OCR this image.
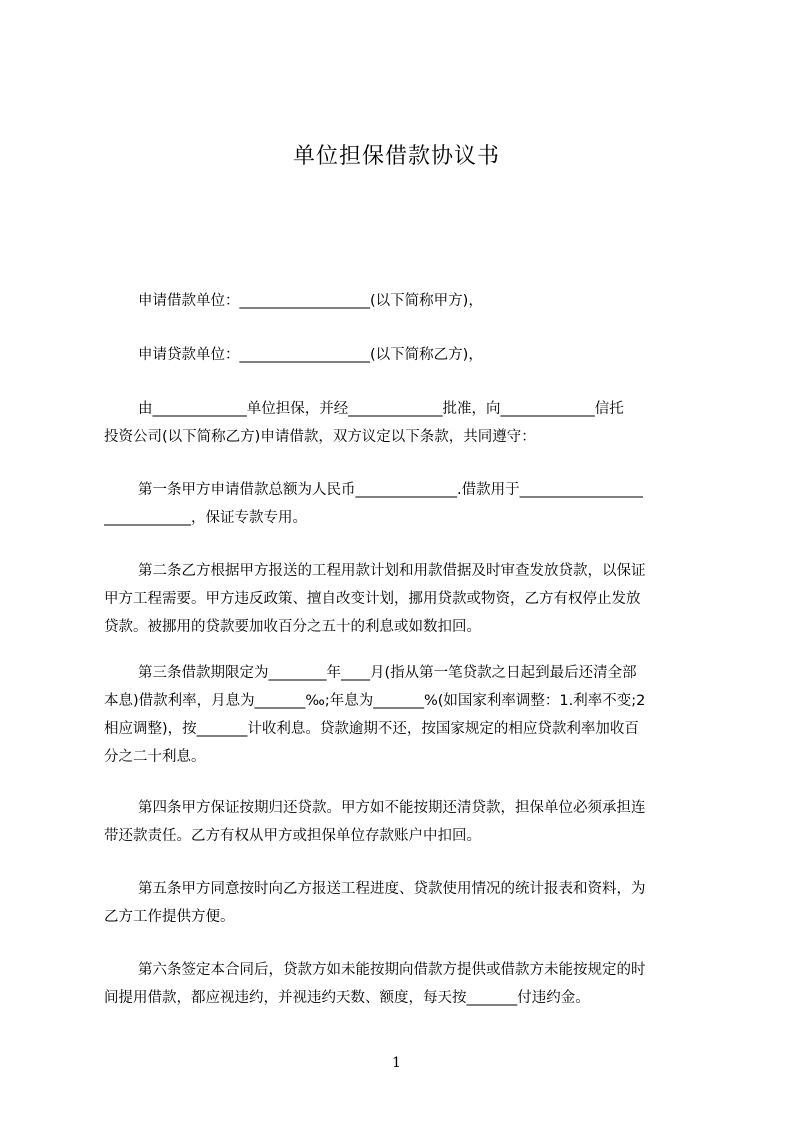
单位担保借款协议书

申请借款单位：__________________(以下简称甲方)，

申请贷款单位：__________________(以下简称乙方)，

由_____________单位担保，并经_____________批准，向_____________信托
投资公司(以下简称乙方)申请借款，双方议定以下条款，共同遵守：

第一条甲方申请借款总额为人民币______________.借款用于_________________
____________，保证专款专用。

第二条乙方根据甲方报送的工程用款计划和用款借据及时审查发放贷款，以保证
甲方工程需要。甲方违反政策、擅自改变计划，挪用贷款或物资，乙方有权停止发放
贷款。被挪用的贷款要加收百分之五十的利息或如数扣回。

第三条借款期限定为________年____月(指从第一笔贷款之日起到最后还清全部
本息)借款利率，月息为_______‰;年息为_______%(如国家利率调整：1.利率不变;2
相应调整)，按_______计收利息。贷款逾期不还，按国家规定的相应贷款利率加收百
分之二十利息。

第四条甲方保证按期归还贷款。甲方如不能按期还清贷款，担保单位必须承担连
带还款责任。乙方有权从甲方或担保单位存款账户中扣回。

第五条甲方同意按时向乙方报送工程进度、贷款使用情况的统计报表和资料，为
乙方工作提供方便。

第六条签定本合同后，贷款方如未能按期向借款方提供或借款方未能按规定的时
间提用借款，都应视违约，并视违约天数、额度，每天按_______付违约金。

1
